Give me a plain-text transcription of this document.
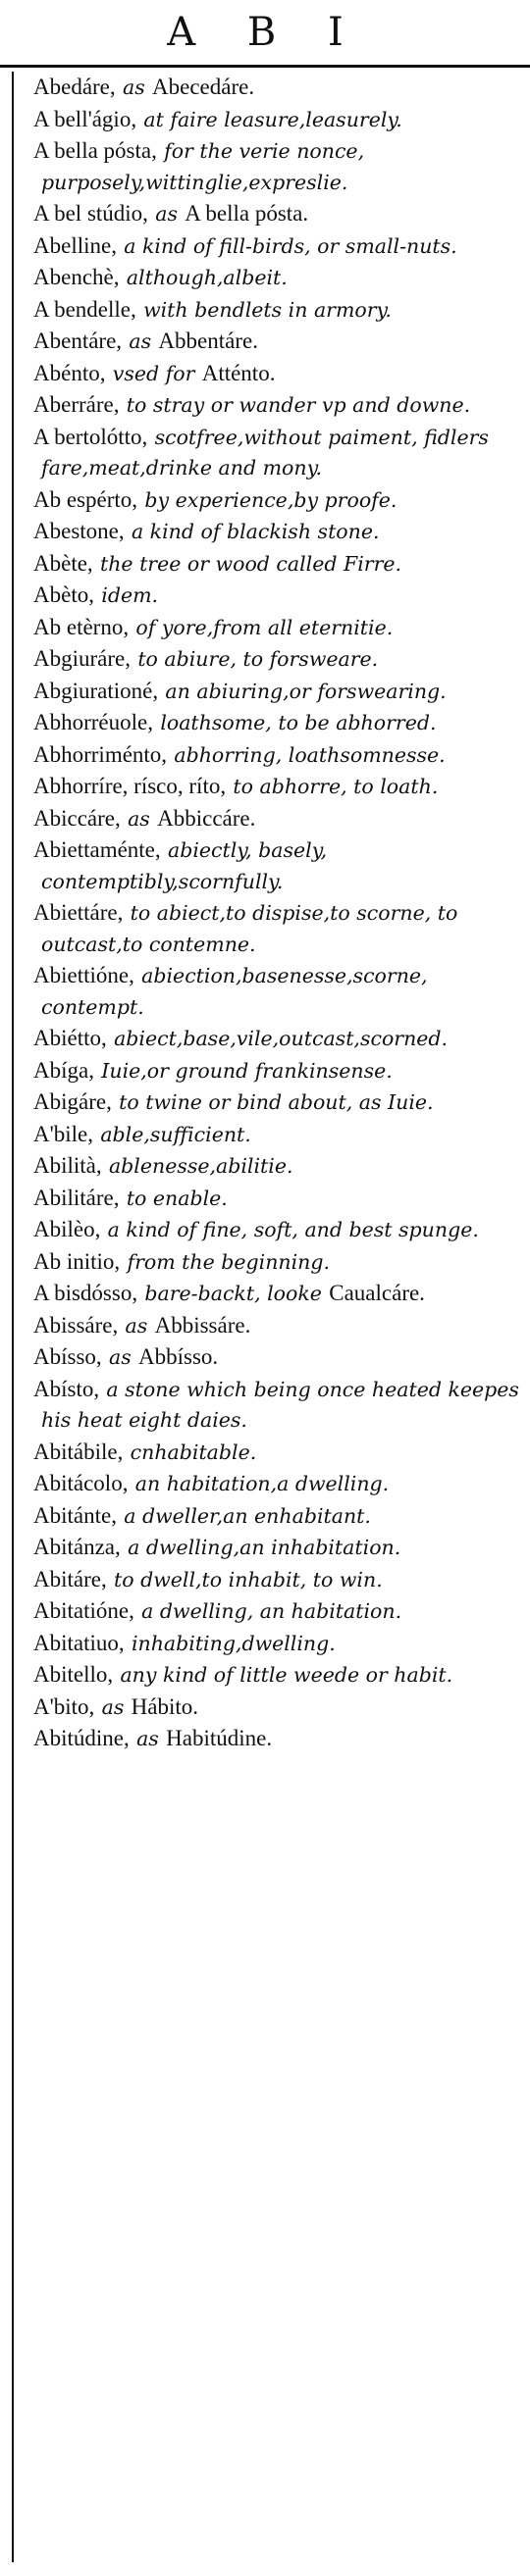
A B I
Abedáre, as Abecedáre.
A bell'ágio, at faire leasure,leasurely.
A bella pósta, for the verie nonce, purposely,wittinglie,expreslie.
A bel stúdio, as A bella pósta.
Abelline, a kind of fill-birds, or small-nuts.
Abenchè, although,albeit.
A bendelle, with bendlets in armory.
Abentáre, as Abbentáre.
Abénto, vsed for Atténto.
Aberráre, to stray or wander vp and downe.
A bertolótto, scotfree,without paiment, fidlers fare,meat,drinke and mony.
Ab espérto, by experience,by proofe.
Abestone, a kind of blackish stone.
Abète, the tree or wood called Firre.
Abèto, idem.
Ab etèrno, of yore,from all eternitie.
Abgiuráre, to abiure, to forsweare.
Abgiurationé, an abiuring,or forswearing.
Abhorréuole, loathsome, to be abhorred.
Abhorriménto, abhorring, loathsomnesse.
Abhorríre, rísco, ríto, to abhorre, to loath.
Abiccáre, as Abbiccáre.
Abiettaménte, abiectly, basely, contemptibly,scornfully.
Abiettáre, to abiect,to dispise,to scorne, to outcast,to contemne.
Abiettióne, abiection,basenesse,scorne, contempt.
Abiétto, abiect,base,vile,outcast,scorned.
Abíga, Iuie,or ground frankinsense.
Abigáre, to twine or bind about, as Iuie.
A'bile, able,sufficient.
Abilità, ablenesse,abilitie.
Abilitáre, to enable.
Abilèo, a kind of fine, soft, and best spunge.
Ab initio, from the beginning.
A bisdósso, bare-backt, looke Caualcáre.
Abissáre, as Abbissáre.
Abísso, as Abbísso.
Abísto, a stone which being once heated keepes his heat eight daies.
Abitábile, cnhabitable.
Abitácolo, an habitation,a dwelling.
Abitánte, a dweller,an enhabitant.
Abitánza, a dwelling,an inhabitation.
Abitáre, to dwell,to inhabit, to win.
Abitatióne, a dwelling, an habitation.
Abitatiuo, inhabiting,dwelling.
Abitello, any kind of little weede or habit.
A'bito, as Hábito.
Abitúdine, as Habitúdine.
